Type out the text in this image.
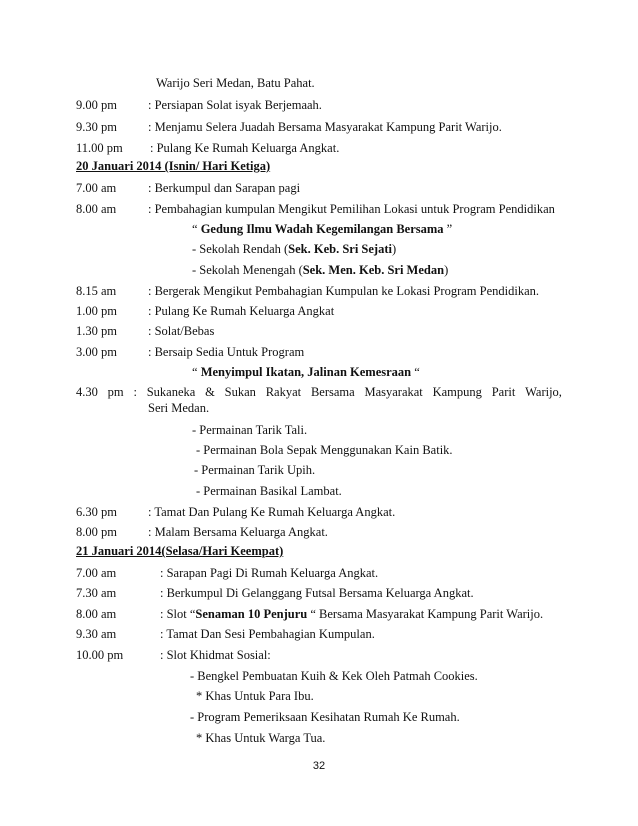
Warijo Seri Medan, Batu Pahat.
9.00 pm : Persiapan Solat isyak Berjemaah.
9.30 pm : Menjamu Selera Juadah Bersama Masyarakat Kampung Parit Warijo.
11.00 pm : Pulang Ke Rumah Keluarga Angkat.
20 Januari 2014 (Isnin/ Hari Ketiga)
7.00 am	: Berkumpul dan Sarapan pagi
8.00 am	: Pembahagian kumpulan Mengikut Pemilihan Lokasi untuk Program Pendidikan
“ Gedung Ilmu Wadah Kegemilangan Bersama ”
- Sekolah Rendah (Sek. Keb. Sri Sejati)
- Sekolah Menengah (Sek. Men. Keb. Sri Medan)
8.15 am	: Bergerak Mengikut Pembahagian Kumpulan ke Lokasi Program Pendidikan.
1.00 pm : Pulang Ke Rumah Keluarga Angkat
1.30 pm : Solat/Bebas
3.00 pm : Bersaip Sedia Untuk Program
“ Menyimpul Ikatan, Jalinan Kemesraan “
4.30 pm : Sukaneka & Sukan Rakyat Bersama Masyarakat Kampung Parit Warijo,
Seri Medan.
- Permainan Tarik Tali.
- Permainan Bola Sepak Menggunakan Kain Batik.
- Permainan Tarik Upih.
- Permainan Basikal Lambat.
6.30 pm : Tamat Dan Pulang Ke Rumah Keluarga Angkat.
8.00 pm : Malam Bersama Keluarga Angkat.
21 Januari 2014(Selasa/Hari Keempat)
7.00 am	: Sarapan Pagi Di Rumah Keluarga Angkat.
7.30 am	: Berkumpul Di Gelanggang Futsal Bersama Keluarga Angkat.
8.00 am	: Slot “Senaman 10 Penjuru “ Bersama Masyarakat Kampung Parit Warijo.
9.30 am	: Tamat Dan Sesi Pembahagian Kumpulan.
10.00 pm	: Slot Khidmat Sosial:
- Bengkel Pembuatan Kuih & Kek Oleh Patmah Cookies.
* Khas Untuk Para Ibu.
- Program Pemeriksaan Kesihatan Rumah Ke Rumah.
* Khas Untuk Warga Tua.
32
